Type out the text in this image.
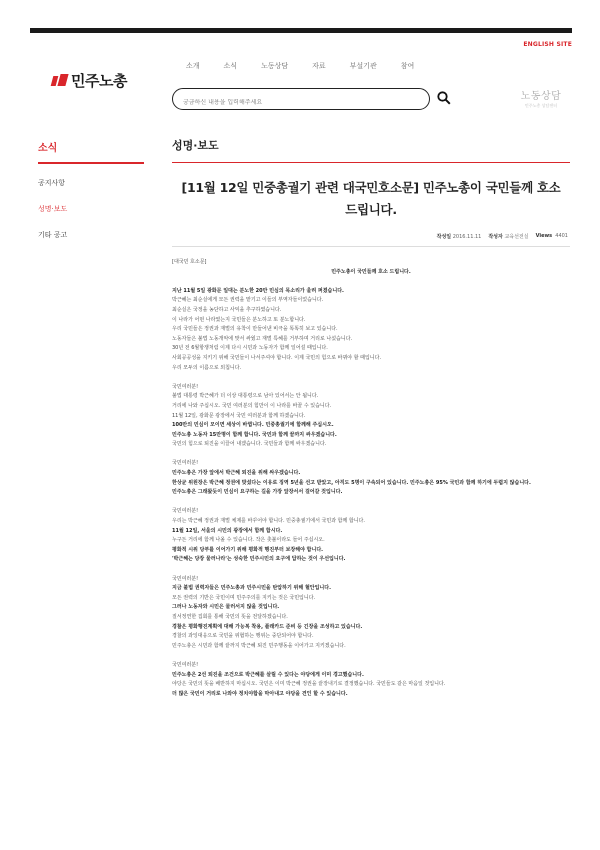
ENGLISH SITE
민주노총
소개	소식	노동상담	자료	부설기관	참여
궁금하신 내용을 입력해주세요
노동상담
민주노총 상담센터
소식
공지사항
성명·보도
기타 공고
성명·보도
[11월 12일 민중총궐기 관련 대국민호소문] 민주노총이 국민들께 호소
드립니다.
작성일 2016.11.11 작성자 교육선전실 Views 4401

[대국민 호소문]

민주노총이 국민들께 호소 드립니다.

지난 11월 5일 광화문 일대는 분노한 20만 민심의 목소리가 울려 퍼졌습니다.

박근혜는 최순실에게 모든 권력을 맡기고 이들의 부역자들이었습니다.

최순실은 국정을 농단하고 사익을 추구하였습니다.

이 나라가 어떤 나라였는지 국민들은 분노하고 또 분노합니다.

우리 국민들은 정권과 재벌의 유착이 만들어낸 비극을 똑똑히 보고 있습니다.

노동자들은 불법 노동개악에 맞서 싸웠고 재벌 특혜를 거부하며 거리로 나섰습니다.

30년 전 6월항쟁처럼 이제 다시 시민과 노동자가 함께 일어설 때입니다.

사회공공성을 지키기 위해 국민들이 나서주셔야 합니다. 이제 국민의 힘으로 바꿔야 할 때입니다.

우리 모두의 이름으로 외칩니다.

국민여러분!

불법 대통령 박근혜가 더 이상 대통령으로 남아 있어서는 안 됩니다.

거리에 나와 주십시오. 국민 여러분의 힘만이 이 나라를 바꿀 수 있습니다.

11월 12일, 광화문 광장에서 국민 여러분과 함께 하겠습니다.

100만의 민심이 모이면 세상이 바뀝니다. 민중총궐기에 함께해 주십시오.

민주노총 노동자 15만명이 함께 합니다. 국민과 함께 끝까지 싸우겠습니다.

국민의 힘으로 퇴진을 이끌어 내겠습니다. 국민들과 함께 싸우겠습니다.

국민여러분!

민주노총은 가장 앞에서 박근혜 퇴진을 위해 싸우겠습니다.

한상균 위원장은 박근혜 정권에 맞섰다는 이유로 징역 5년을 선고 받았고, 아직도 5명이 구속되어 있습니다. 민주노총은 95% 국민과 함께 하기에 두렵지 않습니다.

민주노총은 그래왔듯이 민심이 요구하는 길을 가장 앞장서서 걸어갈 것입니다.

국민여러분!

우리는 박근혜 정권과 재벌 체제를 바꾸어야 합니다. 민중총궐기에서 국민과 함께 합니다.

11월 12일, 서울의 시민의 광장에서 함께 합시다.

누구든 거리에 함께 나올 수 있습니다. 작은 촛불이라도 들어 주십시오.

평화적 시위 당부를 이어가기 위해 평화적 행진부터 보장해야 합니다.

'박근혜는 당장 물러나라'는 성숙한 민주시민의 요구에 답하는 것이 우선입니다.

국민여러분!

지금 불법 권력자들은 민주노총과 민주시민을 탄압하기 위해 혈안입니다.

모든 권력의 기반은 국민이며 민주주의를 지키는 것은 국민입니다.

그러나 노동자와 시민은 물러서지 않을 것입니다.

질서정연한 집회를 통해 국민의 뜻을 전달하겠습니다.

경찰은 평화행진계획에 대해 가능복 착용, 플래카드 준비 등 긴장을 조성하고 있습니다.

경찰의 과잉대응으로 국민을 위협하는 행위는 중단되어야 합니다.

민주노총은 시민과 함께 끝까지 박근혜 퇴진 민주행동을 이어가고 지키겠습니다.

국민여러분!

민주노총은 2선 퇴진을 조건으로 박근혜를 살릴 수 있다는 야당에게 이미 경고했습니다.

야당은 국민의 뜻을 배반하지 마십시오. 국민은 이미 박근혜 정권을 끝장내기로 결정했습니다. 국민들도 같은 마음일 것입니다.

더 많은 국민이 거리로 나와야 정치야합을 막아내고 야당을 견인 할 수 있습니다.
